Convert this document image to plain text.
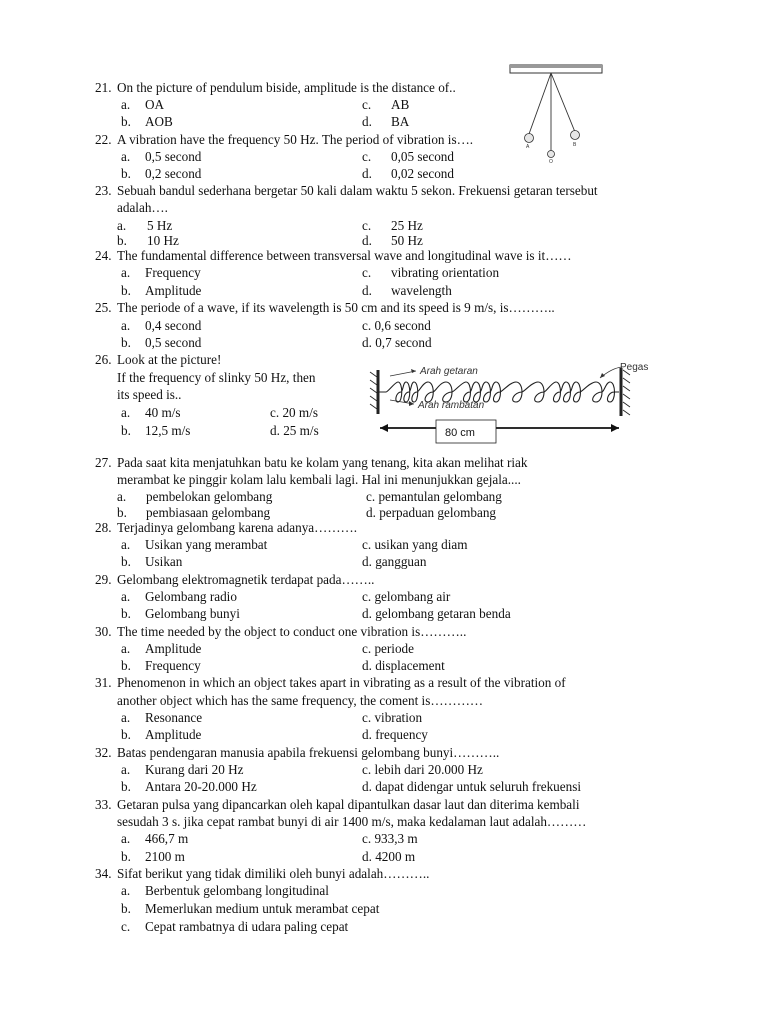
21. On the picture of pendulum biside, amplitude is the distance of..
a. OA	c. AB
b. AOB	d. BA
22. A vibration have the frequency 50 Hz. The period of vibration is….
a. 0,5 second	c. 0,05 second
b. 0,2 second	d. 0,02 second
23. Sebuah bandul sederhana bergetar 50 kali dalam waktu 5 sekon. Frekuensi getaran tersebut
adalah….
a. 5 Hz	c. 25 Hz
b. 10 Hz	d. 50 Hz
24. The fundamental difference between transversal wave and longitudinal wave is it……
a. Frequency	c. vibrating orientation
b. Amplitude	d. wavelength
25. The periode of a wave, if its wavelength is 50 cm and its speed is 9 m/s, is………..
a. 0,4 second	c. 0,6 second
b. 0,5 second	d. 0,7 second
26. Look at the picture!
If the frequency of slinky 50 Hz, then
its speed is..
a. 40 m/s	c. 20 m/s
b. 12,5 m/s	d. 25 m/s
27. Pada saat kita menjatuhkan batu ke kolam yang tenang, kita akan melihat riak
merambat ke pinggir kolam lalu kembali lagi. Hal ini menunjukkan gejala....
a. pembelokan gelombang	c. pemantulan gelombang
b. pembiasaan gelombang	d. perpaduan gelombang
28. Terjadinya gelombang karena adanya……….
a. Usikan yang merambat	c. usikan yang diam
b. Usikan	d. gangguan
29. Gelombang elektromagnetik terdapat pada……..
a. Gelombang radio	c. gelombang air
b. Gelombang bunyi	d. gelombang getaran benda
30. The time needed by the object to conduct one vibration is………..
a. Amplitude	c. periode
b. Frequency	d. displacement
31. Phenomenon in which an object takes apart in vibrating as a result of the vibration of
another object which has the same frequency, the coment is…………
a. Resonance	c. vibration
b. Amplitude	d. frequency
32. Batas pendengaran manusia apabila frekuensi gelombang bunyi………..
a. Kurang dari 20 Hz	c. lebih dari 20.000 Hz
b. Antara 20-20.000 Hz	d. dapat didengar untuk seluruh frekuensi
33. Getaran pulsa yang dipancarkan oleh kapal dipantulkan dasar laut dan diterima kembali
sesudah 3 s. jika cepat rambat bunyi di air 1400 m/s, maka kedalaman laut adalah………
a. 466,7 m	c. 933,3 m
b. 2100 m	d. 4200 m
34. Sifat berikut yang tidak dimiliki oleh bunyi adalah………..
a. Berbentuk gelombang longitudinal
b. Memerlukan medium untuk merambat cepat
c. Cepat rambatnya di udara paling cepat
A
O
B
Arah getaran	Pegas
Arah rambatan
80 cm
